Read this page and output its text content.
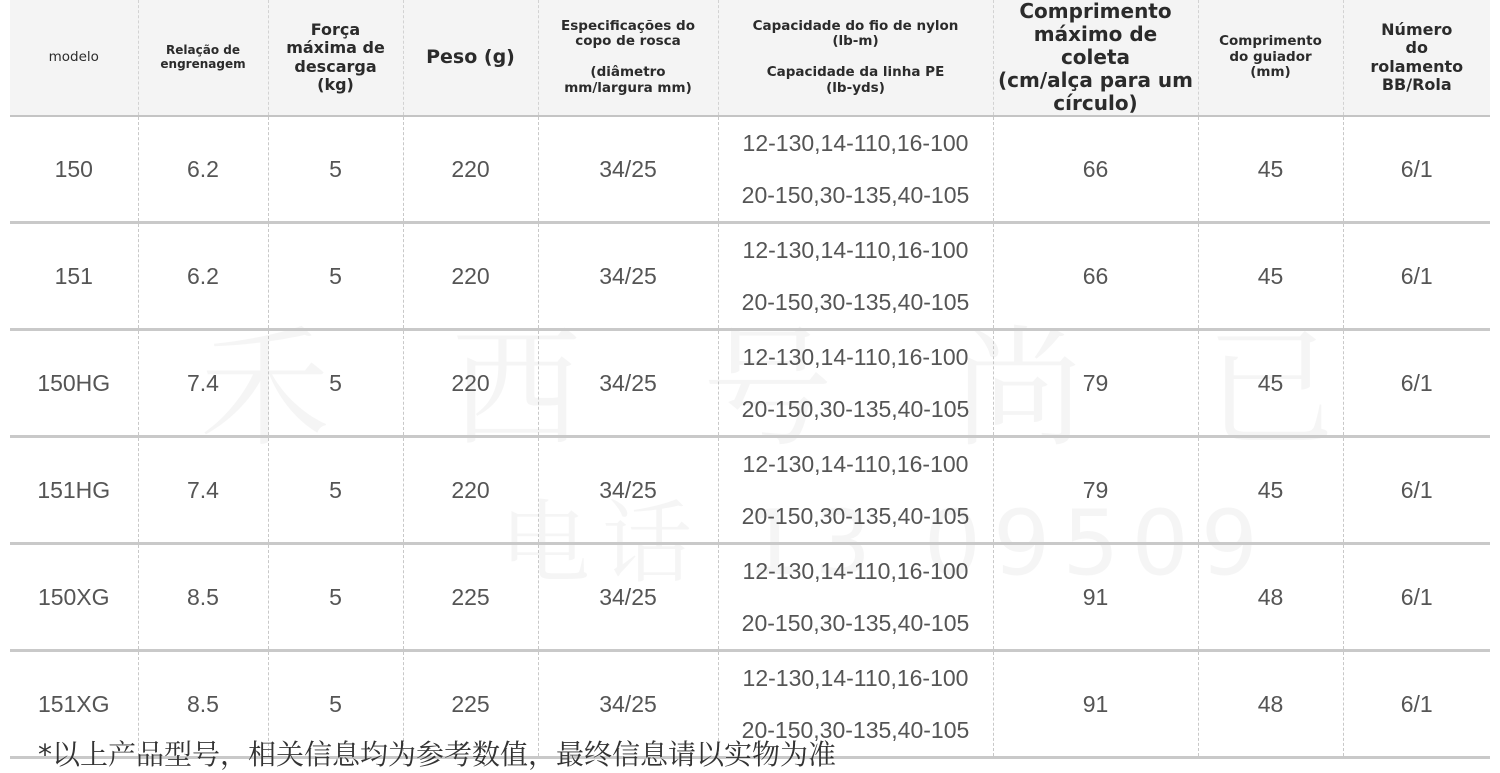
modelo	Relação de
engrenagem	Força
máxima de
descarga
(kg)	Peso (g)	Especificações do
copo de rosca

(diâmetro
mm/largura mm)	Capacidade do fio de nylon
(lb-m)

Capacidade da linha PE
(lb-yds)	Comprimento
máximo de coleta
(cm/alça para um
círculo)	Comprimento
do guiador
(mm)	Número
do
rolamento
BB/Rola
150	6.2	5	220	34/25	12-130,14-110,16-100
20-150,30-135,40-105	66	45	6/1
151	6.2	5	220	34/25	12-130,14-110,16-100
20-150,30-135,40-105	66	45	6/1
150HG	7.4	5	220	34/25	12-130,14-110,16-100
20-150,30-135,40-105	79	45	6/1
151HG	7.4	5	220	34/25	12-130,14-110,16-100
20-150,30-135,40-105	79	45	6/1
150XG	8.5	5	225	34/25	12-130,14-110,16-100
20-150,30-135,40-105	91	48	6/1
151XG	8.5	5	225	34/25	12-130,14-110,16-100
20-150,30-135,40-105	91	48	6/1
*以上产品型号，相关信息均为参考数值，最终信息请以实物为准
